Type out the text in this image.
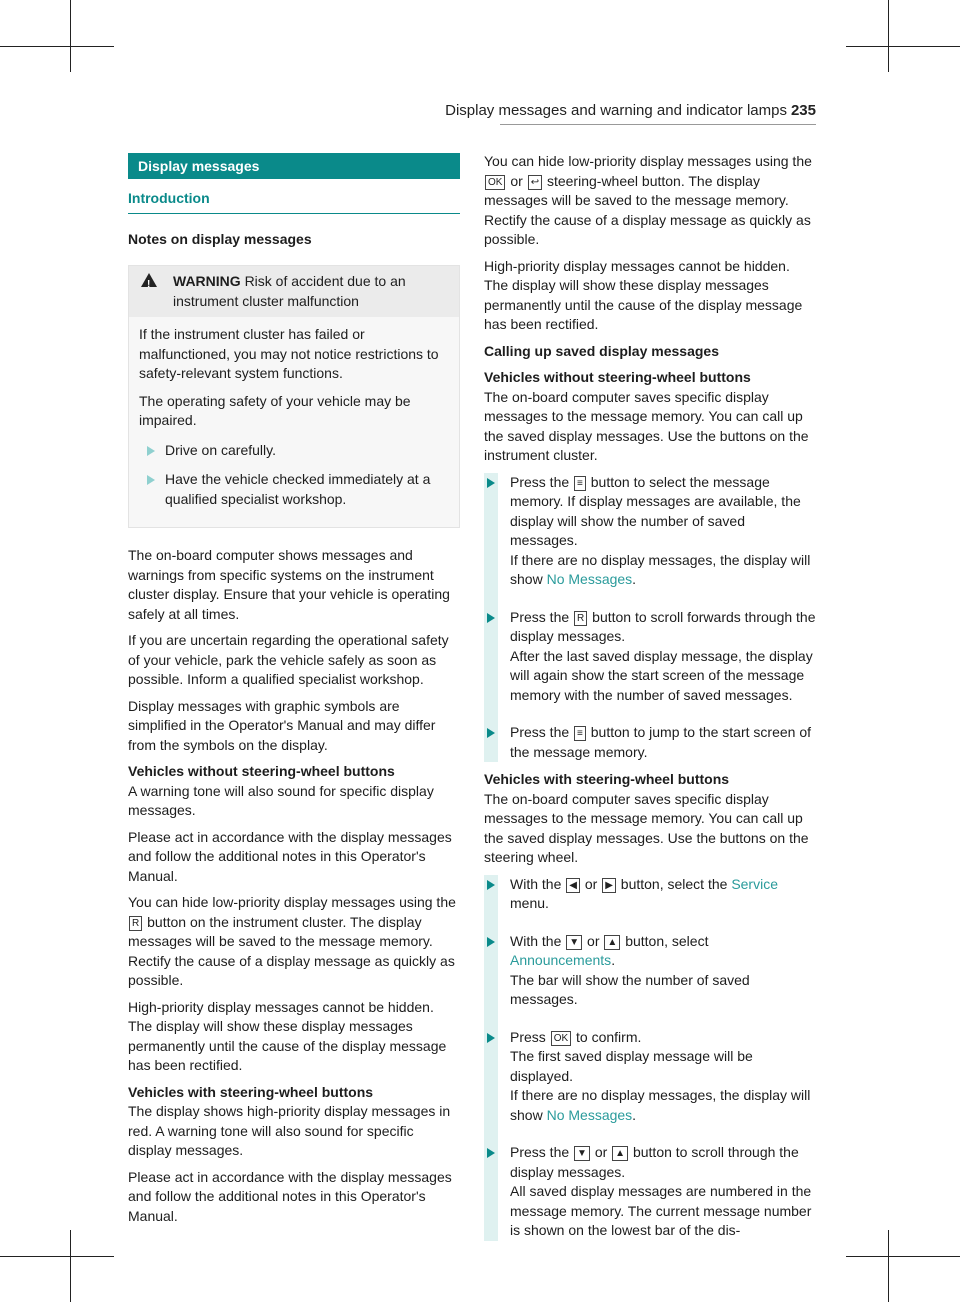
Display messages and warning and indicator lamps 235
Display messages
Introduction
Notes on display messages
!
WARNING Risk of accident due to an instrument cluster malfunction

If the instrument cluster has failed or malfunctioned, you may not notice restrictions to safety-relevant system functions.

The operating safety of your vehicle may be impaired.

Drive on carefully.
Have the vehicle checked immediately at a qualified specialist workshop.

The on-board computer shows messages and warnings from specific systems on the instrument cluster display. Ensure that your vehicle is operating safely at all times.

If you are uncertain regarding the operational safety of your vehicle, park the vehicle safely as soon as possible. Inform a qualified specialist workshop.

Display messages with graphic symbols are simplified in the Operator's Manual and may differ from the symbols on the display.

Vehicles without steering-wheel buttons

A warning tone will also sound for specific display messages.

Please act in accordance with the display messages and follow the additional notes in this Operator's Manual.

You can hide low-priority display messages using the R button on the instrument cluster. The display messages will be saved to the message memory. Rectify the cause of a display message as quickly as possible.

High-priority display messages cannot be hidden. The display will show these display messages permanently until the cause of the display message has been rectified.

Vehicles with steering-wheel buttons

The display shows high-priority display messages in red. A warning tone will also sound for specific display messages.

Please act in accordance with the display messages and follow the additional notes in this Operator's Manual.

You can hide low-priority display messages using the OK or ↩ steering-wheel button. The display messages will be saved to the message memory. Rectify the cause of a display message as quickly as possible.

High-priority display messages cannot be hidden. The display will show these display messages permanently until the cause of the display message has been rectified.

Calling up saved display messages
Vehicles without steering-wheel buttons

The on-board computer saves specific display messages to the message memory. You can call up the saved display messages. Use the buttons on the instrument cluster.

Press the ≡ button to select the message memory. If display messages are available, the display will show the number of saved messages.
If there are no display messages, the display will show No Messages.
Press the R button to scroll forwards through the display messages.
After the last saved display message, the display will again show the start screen of the message memory with the number of saved messages.
Press the ≡ button to jump to the start screen of the message memory.
Vehicles with steering-wheel buttons

The on-board computer saves specific display messages to the message memory. You can call up the saved display messages. Use the buttons on the steering wheel.

With the ◀ or ▶ button, select the Service menu.
With the ▼ or ▲ button, select Announcements.
The bar will show the number of saved messages.
Press OK to confirm.
The first saved display message will be displayed.
If there are no display messages, the display will show No Messages.
Press the ▼ or ▲ button to scroll through the display messages.
All saved display messages are numbered in the message memory. The current message number is shown on the lowest bar of the dis-
